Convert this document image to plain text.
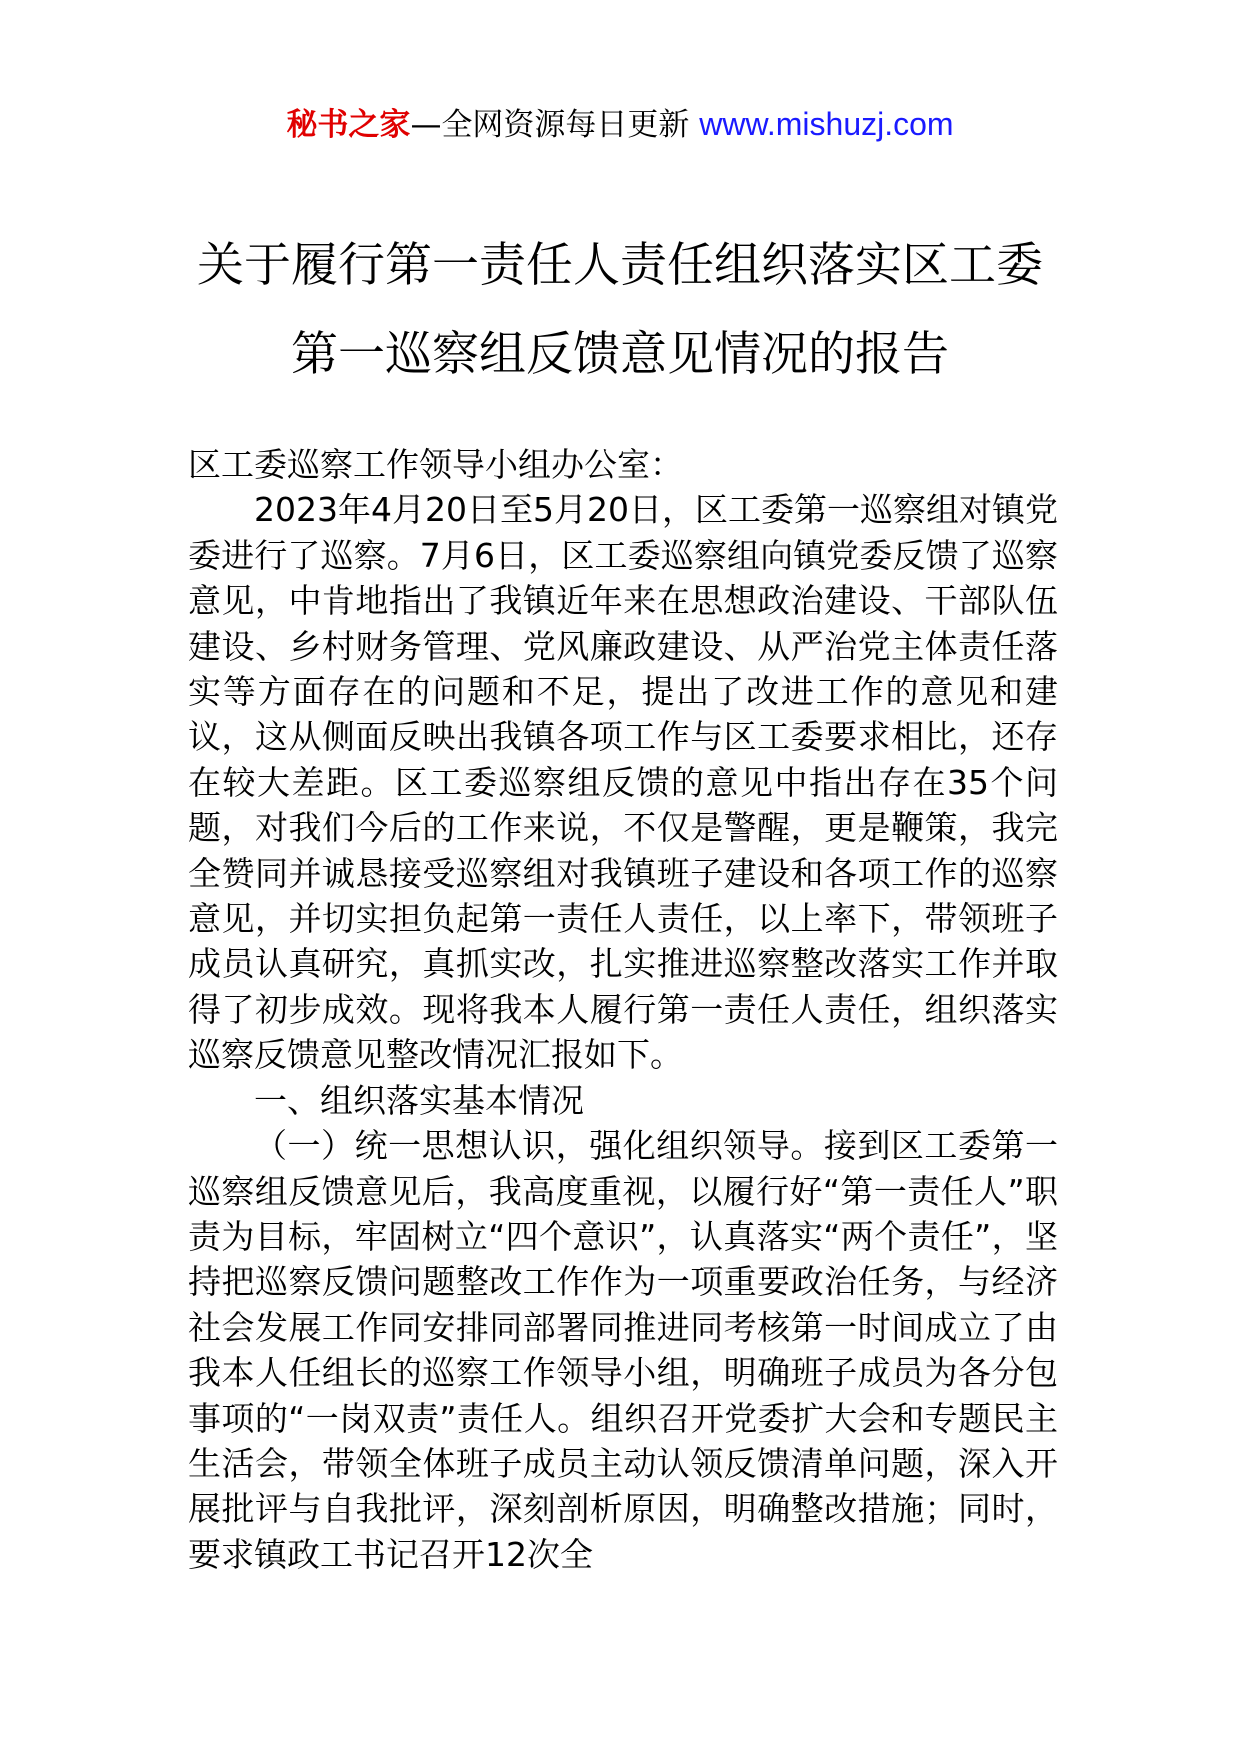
秘书之家—全网资源每日更新 www.mishuzj.com
关于履行第一责任人责任组织落实区工委
第一巡察组反馈意见情况的报告

区工委巡察工作领导小组办公室：

2023年4月20日至5月20日，区工委第一巡察组对镇党委进行了巡察。7月6日，区工委巡察组向镇党委反馈了巡察意见，中肯地指出了我镇近年来在思想政治建设、干部队伍建设、乡村财务管理、党风廉政建设、从严治党主体责任落实等方面存在的问题和不足，提出了改进工作的意见和建议，这从侧面反映出我镇各项工作与区工委要求相比，还存在较大差距。区工委巡察组反馈的意见中指出存在35个问题，对我们今后的工作来说，不仅是警醒，更是鞭策，我完全赞同并诚恳接受巡察组对我镇班子建设和各项工作的巡察意见，并切实担负起第一责任人责任，以上率下，带领班子成员认真研究，真抓实改，扎实推进巡察整改落实工作并取得了初步成效。现将我本人履行第一责任人责任，组织落实巡察反馈意见整改情况汇报如下。

一、组织落实基本情况

（一）统一思想认识，强化组织领导。接到区工委第一巡察组反馈意见后，我高度重视，以履行好“第一责任人”职责为目标，牢固树立“四个意识”，认真落实“两个责任”，坚持把巡察反馈问题整改工作作为一项重要政治任务，与经济社会发展工作同安排同部署同推进同考核第一时间成立了由我本人任组长的巡察工作领导小组，明确班子成员为各分包事项的“一岗双责”责任人。组织召开党委扩大会和专题民主生活会，带领全体班子成员主动认领反馈清单问题，深入开展批评与自我批评，深刻剖析原因，明确整改措施；同时，要求镇政工书记召开12次全
